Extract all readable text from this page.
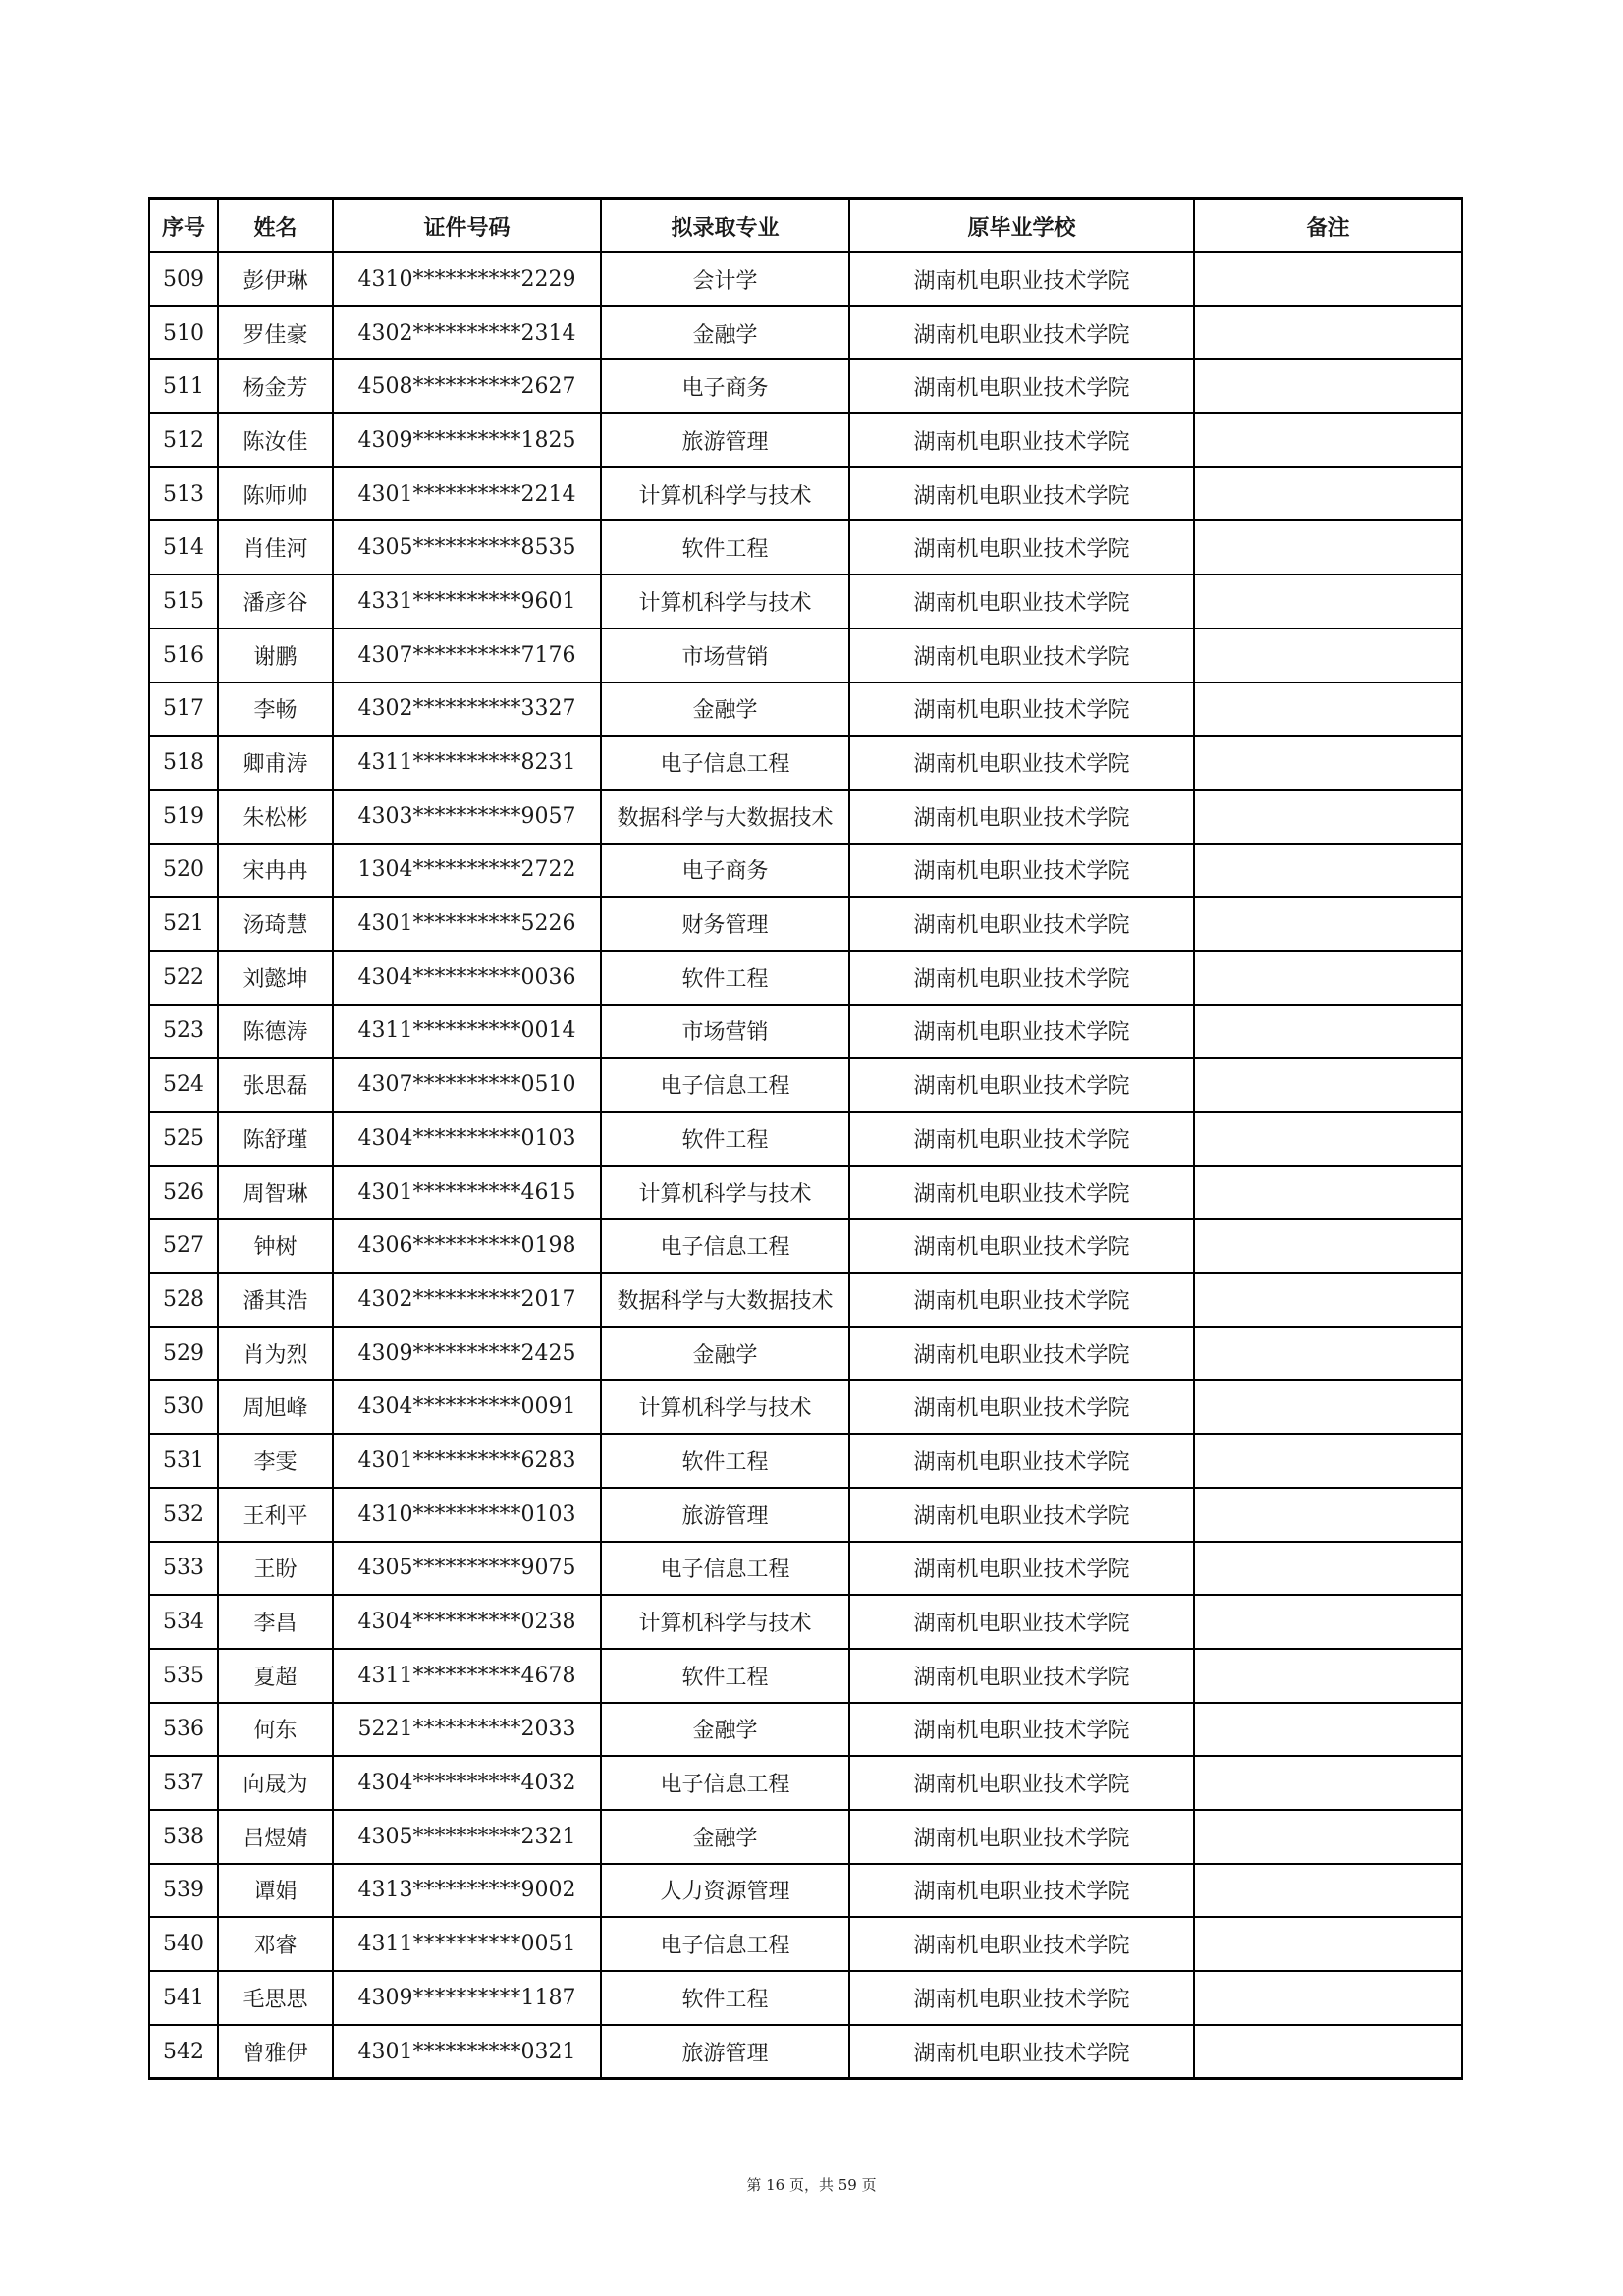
序号	姓名	证件号码	拟录取专业	原毕业学校	备注
509	彭伊琳	4310**********2229	会计学	湖南机电职业技术学院	
510	罗佳豪	4302**********2314	金融学	湖南机电职业技术学院	
511	杨金芳	4508**********2627	电子商务	湖南机电职业技术学院	
512	陈汝佳	4309**********1825	旅游管理	湖南机电职业技术学院	
513	陈师帅	4301**********2214	计算机科学与技术	湖南机电职业技术学院	
514	肖佳河	4305**********8535	软件工程	湖南机电职业技术学院	
515	潘彦谷	4331**********9601	计算机科学与技术	湖南机电职业技术学院	
516	谢鹏	4307**********7176	市场营销	湖南机电职业技术学院	
517	李畅	4302**********3327	金融学	湖南机电职业技术学院	
518	卿甫涛	4311**********8231	电子信息工程	湖南机电职业技术学院	
519	朱松彬	4303**********9057	数据科学与大数据技术	湖南机电职业技术学院	
520	宋冉冉	1304**********2722	电子商务	湖南机电职业技术学院	
521	汤琦慧	4301**********5226	财务管理	湖南机电职业技术学院	
522	刘懿坤	4304**********0036	软件工程	湖南机电职业技术学院	
523	陈德涛	4311**********0014	市场营销	湖南机电职业技术学院	
524	张思磊	4307**********0510	电子信息工程	湖南机电职业技术学院	
525	陈舒瑾	4304**********0103	软件工程	湖南机电职业技术学院	
526	周智琳	4301**********4615	计算机科学与技术	湖南机电职业技术学院	
527	钟树	4306**********0198	电子信息工程	湖南机电职业技术学院	
528	潘其浩	4302**********2017	数据科学与大数据技术	湖南机电职业技术学院	
529	肖为烈	4309**********2425	金融学	湖南机电职业技术学院	
530	周旭峰	4304**********0091	计算机科学与技术	湖南机电职业技术学院	
531	李雯	4301**********6283	软件工程	湖南机电职业技术学院	
532	王利平	4310**********0103	旅游管理	湖南机电职业技术学院	
533	王盼	4305**********9075	电子信息工程	湖南机电职业技术学院	
534	李昌	4304**********0238	计算机科学与技术	湖南机电职业技术学院	
535	夏超	4311**********4678	软件工程	湖南机电职业技术学院	
536	何东	5221**********2033	金融学	湖南机电职业技术学院	
537	向晟为	4304**********4032	电子信息工程	湖南机电职业技术学院	
538	吕煜婧	4305**********2321	金融学	湖南机电职业技术学院	
539	谭娟	4313**********9002	人力资源管理	湖南机电职业技术学院	
540	邓睿	4311**********0051	电子信息工程	湖南机电职业技术学院	
541	毛思思	4309**********1187	软件工程	湖南机电职业技术学院	
542	曾雅伊	4301**********0321	旅游管理	湖南机电职业技术学院	
第 16 页，共 59 页
